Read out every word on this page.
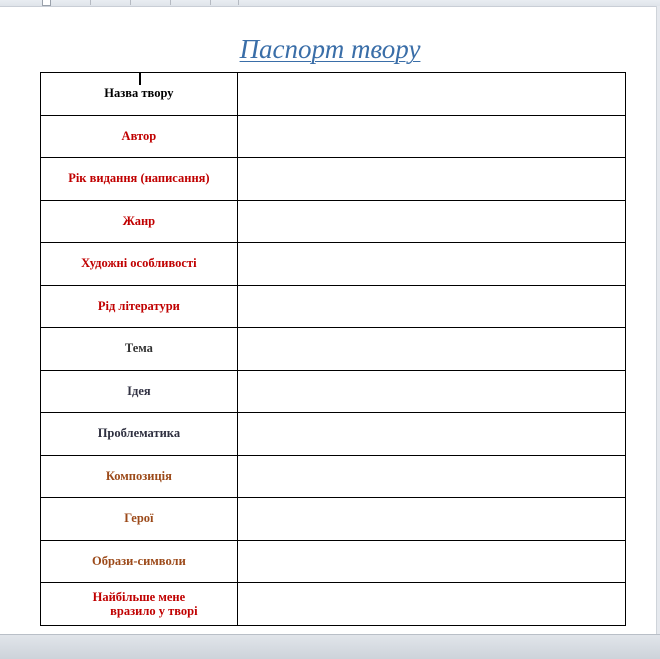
Паспорт твору
Назва твору	
Автор	
Рік видання (написання)	
Жанр	
Художні особливості	
Рід літератури	
Тема	
Ідея	
Проблематика	
Композиція	
Герої	
Образи-символи	
Найбільше мене
вразило у творі	
